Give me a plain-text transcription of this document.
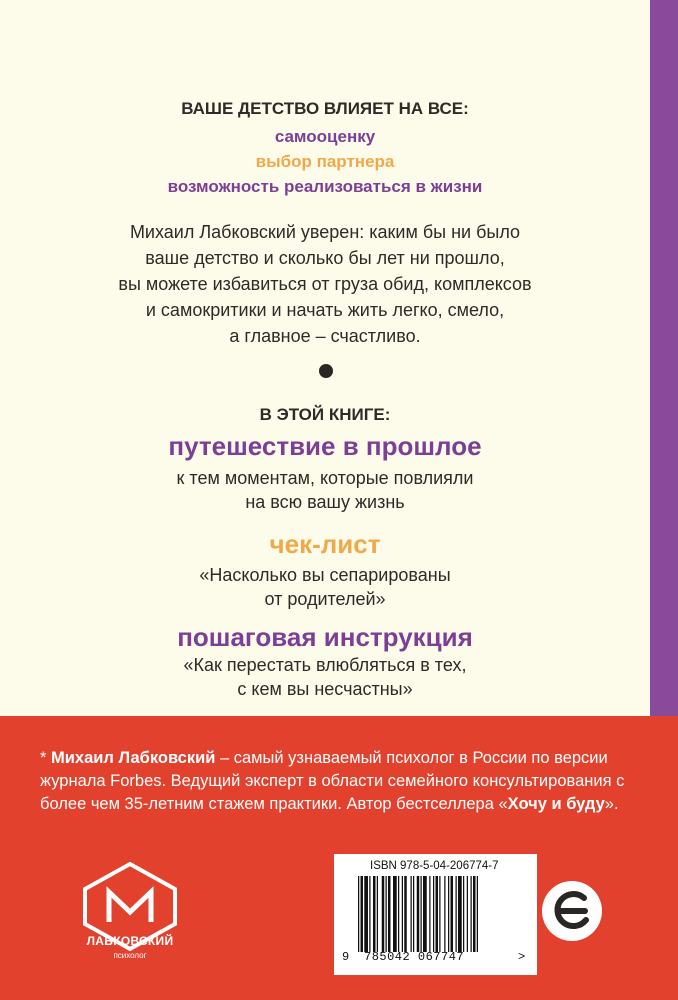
ВАШЕ ДЕТСТВО ВЛИЯЕТ НА ВСЕ:
самооценку
выбор партнера
возможность реализоваться в жизни
Михаил Лабковский уверен: каким бы ни было
ваше детство и сколько бы лет ни прошло,
вы можете избавиться от груза обид, комплексов
и самокритики и начать жить легко, смело,
а главное – счастливо.
В ЭТОЙ КНИГЕ:
путешествие в прошлое
к тем моментам, которые повлияли
на всю вашу жизнь
чек-лист
«Насколько вы сепарированы
от родителей»
пошаговая инструкция
«Как перестать влюбляться в тех,
с кем вы несчастны»
* Михаил Лабковский – самый узнаваемый психолог в России по версии журнала Forbes. Ведущий эксперт в области семейного консультирования с более чем 35-летним стажем практики. Автор бестселлера «Хочу и буду».
ЛАБКОВСКИЙ
психолог
ISBN 978-5-04-206774-7
9 785042 067747	>
